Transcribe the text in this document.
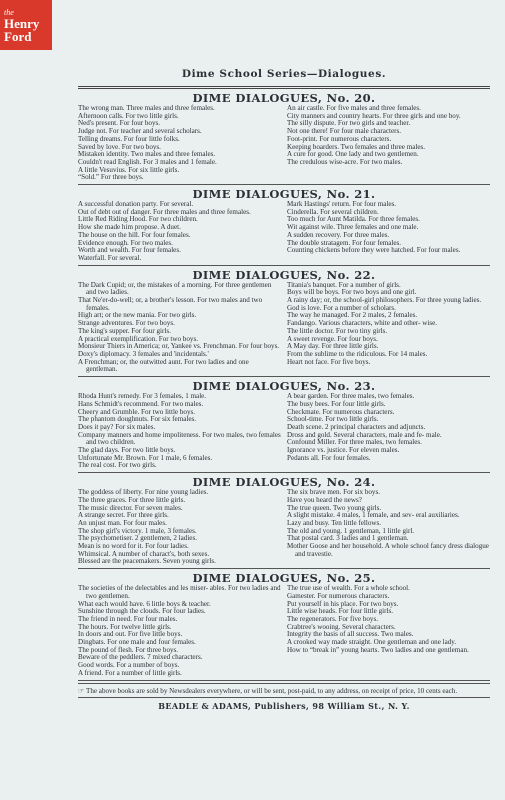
the
Henry
Ford
Dime School Series—Dialogues.
DIME DIALOGUES, No. 20.
The wrong man. Three males and three females.
Afternoon calls. For two little girls.
Ned's present. For four boys.
Judge not. For teacher and several scholars.
Telling dreams. For four little folks.
Saved by love. For two boys.
Mistaken identity. Two males and three females.
Couldn't read English. For 3 males and 1 female.
A little Vesuvius. For six little girls.
“Sold.” For three boys.
An air castle. For five males and three females.
City manners and country hearts. For three girls and one boy.
The silly dispute. For two girls and teacher.
Not one there! For four male characters.
Foot-print. For numerous characters.
Keeping boarders. Two females and three males.
A cure for good. One lady and two gentlemen.
The credulous wise-acre. For two males.
DIME DIALOGUES, No. 21.
A successful donation party. For several.
Out of debt out of danger. For three males and three females.
Little Red Riding Hood. For two children.
How she made him propose. A duet.
The house on the hill. For four females.
Evidence enough. For two males.
Worth and wealth. For four females.
Waterfall. For several.
Mark Hastings' return. For four males.
Cinderella. For several children.
Too much for Aunt Matilda. For three females.
Wit against wile. Three females and one male.
A sudden recovery. For three males.
The double stratagem. For four females.
Counting chickens before they were hatched. For four males.
DIME DIALOGUES, No. 22.
The Dark Cupid; or, the mistakes of a morning. For three gentlemen and two ladies.
That Ne'er-do-well; or, a brother's lesson. For two males and two females.
High art; or the new mania. For two girls.
Strange adventures. For two boys.
The king's supper. For four girls.
A practical exemplification. For two boys.
Monsieur Thiers in America; or, Yankee vs. Frenchman. For four boys.
Doxy's diplomacy. 3 females and 'incidentals.'
A Frenchman; or, the outwitted aunt. For two ladies and one gentleman.
Titania's banquet. For a number of girls.
Boys will be boys. For two boys and one girl.
A rainy day; or, the school-girl philosophers. For three young ladies.
God is love. For a number of scholars.
The way he managed. For 2 males, 2 females.
Fandango. Various characters, white and other- wise.
The little doctor. For two tiny girls.
A sweet revenge. For four boys.
A May day. For three little girls.
From the sublime to the ridiculous. For 14 males.
Heart not face. For five boys.
DIME DIALOGUES, No. 23.
Rhoda Hunt's remedy. For 3 females, 1 male.
Hans Schmidt's recommend. For two males.
Cheery and Grumble. For two little boys.
The phantom doughnuts. For six females.
Does it pay? For six males.
Company manners and home impoliteness. For two males, two females and two children.
The glad days. For two little boys.
Unfortunate Mr. Brown. For 1 male, 6 females.
The real cost. For two girls.
A bear garden. For three males, two females.
The busy bees. For four little girls.
Checkmate. For numerous characters.
School-time. For two little girls.
Death scene. 2 principal characters and adjuncts.
Dross and gold. Several characters, male and fe- male.
Confound Miller. For three males, two females.
Ignorance vs. justice. For eleven males.
Pedants all. For four females.
DIME DIALOGUES, No. 24.
The goddess of liberty. For nine young ladies.
The three graces. For three little girls.
The music director. For seven males.
A strange secret. For three girls.
An unjust man. For four males.
The shop girl's victory. 1 male, 3 females.
The psychometiser. 2 gentlemen, 2 ladies.
Mean is no word for it. For four ladies.
Whimsical. A number of charact's, both sexes.
Blessed are the peacemakers. Seven young girls.
The six brave men. For six boys.
Have you heard the news?
The true queen. Two young girls.
A slight mistake. 4 males, 1 female, and sev- eral auxiliaries.
Lazy and busy. Ten little fellows.
The old and young. 1 gentleman, 1 little girl.
That postal card. 3 ladies and 1 gentleman.
Mother Goose and her household. A whole school fancy dress dialogue and travestie.
DIME DIALOGUES, No. 25.
The societies of the delectables and les miser- ables. For two ladies and two gentlemen.
What each would have. 6 little boys & teacher.
Sunshine through the clouds. For four ladies.
The friend in need. For four males.
The hours. For twelve little girls.
In doors and out. For five little boys.
Dingbats. For one male and four females.
The pound of flesh. For three boys.
Beware of the peddlers. 7 mixed characters.
Good words. For a number of boys.
A friend. For a number of little girls.
The true use of wealth. For a whole school.
Gamester. For numerous characters.
Put yourself in his place. For two boys.
Little wise heads. For four little girls.
The regenerators. For five boys.
Crabtree's wooing. Several characters.
Integrity the basis of all success. Two males.
A crooked way made straight. One gentleman and one lady.
How to “break in” young hearts. Two ladies and one gentleman.
☞ The above books are sold by Newsdealers everywhere, or will be sent, post-paid, to any address, on receipt of price, 10 cents each.
BEADLE & ADAMS, Publishers, 98 William St., N. Y.
